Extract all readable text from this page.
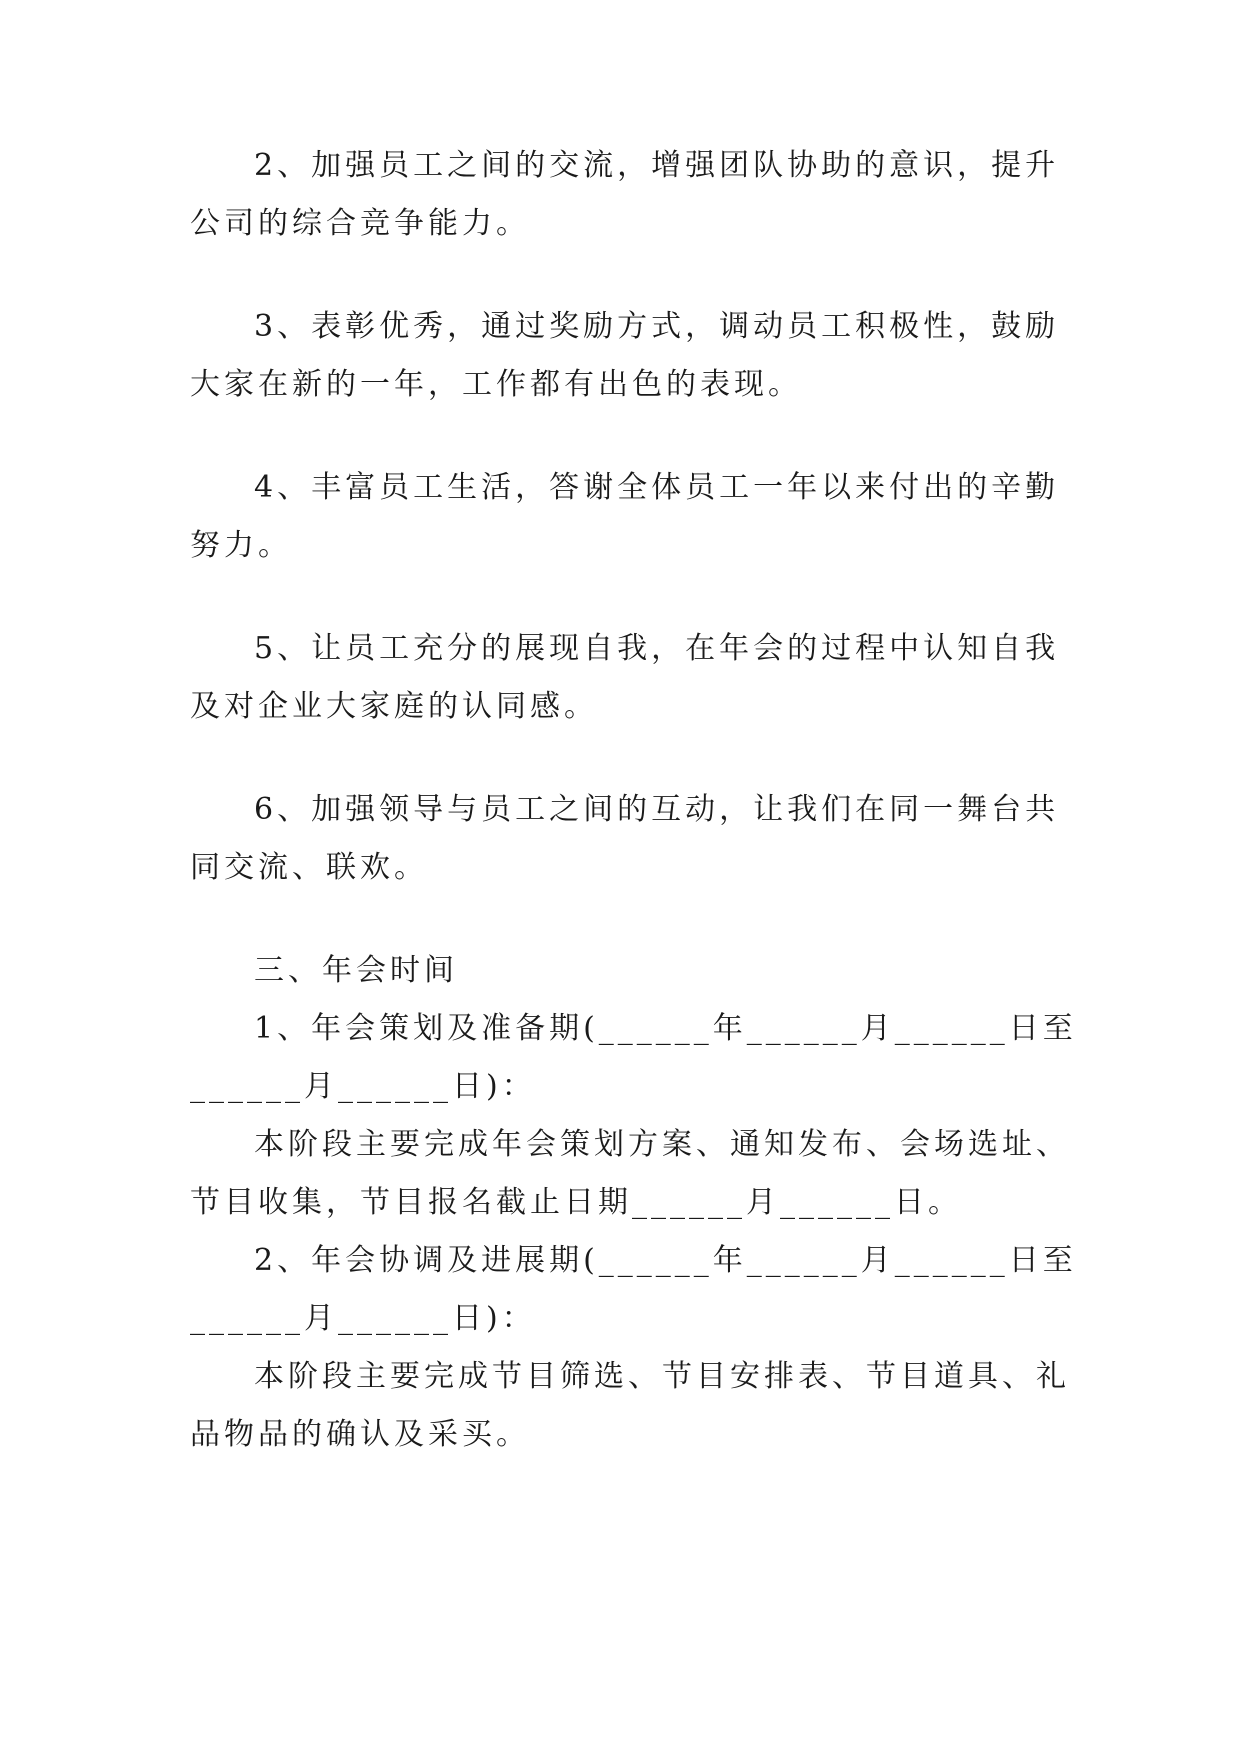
2、加强员工之间的交流，增强团队协助的意识，提升
公司的综合竞争能力。
3、表彰优秀，通过奖励方式，调动员工积极性，鼓励
大家在新的一年，工作都有出色的表现。
4、丰富员工生活，答谢全体员工一年以来付出的辛勤
努力。
5、让员工充分的展现自我，在年会的过程中认知自我
及对企业大家庭的认同感。
6、加强领导与员工之间的互动，让我们在同一舞台共
同交流、联欢。
三、年会时间
1、年会策划及准备期(______年______月______日至
______月______日)：
本阶段主要完成年会策划方案、通知发布、会场选址、
节目收集，节目报名截止日期______月______日。
2、年会协调及进展期(______年______月______日至
______月______日)：
本阶段主要完成节目筛选、节目安排表、节目道具、礼
品物品的确认及采买。
